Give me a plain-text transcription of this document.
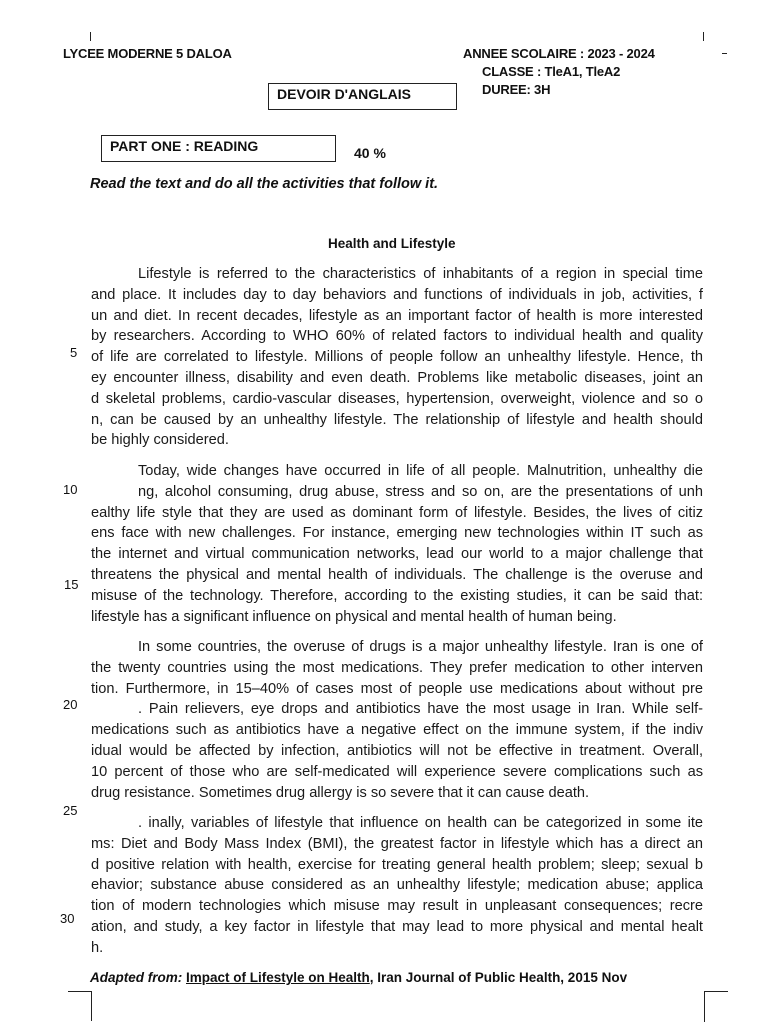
LYCEE MODERNE 5 DALOA	ANNEE SCOLAIRE : 2023 - 2024
CLASSE : TleA1, TleA2
DUREE: 3H
DEVOIR D'ANGLAIS
PART ONE : READING	40 %
Read the text and do all the activities that follow it.
Health and Lifestyle
Lifestyle is referred to the characteristics of inhabitants of a region in special time
and place. It includes day to day behaviors and functions of individuals in job, activities, f
un and diet. In recent decades, lifestyle as an important factor of health is more interested
by researchers. According to WHO 60% of related factors to individual health and quality
of life are correlated to lifestyle. Millions of people follow an unhealthy lifestyle. Hence, th
ey encounter illness, disability and even death. Problems like metabolic diseases, joint an
d skeletal problems, cardio-vascular diseases, hypertension, overweight, violence and so o
n, can be caused by an unhealthy lifestyle. The relationship of lifestyle and health should
be highly considered.
Today, wide changes have occurred in life of all people. Malnutrition, unhealthy die
ng, alcohol consuming, drug abuse, stress and so on, are the presentations of unh
ealthy life style that they are used as dominant form of lifestyle. Besides, the lives of citiz
ens face with new challenges. For instance, emerging new technologies within IT such as
the internet and virtual communication networks, lead our world to a major challenge that
threatens the physical and mental health of individuals. The challenge is the overuse and
misuse of the technology. Therefore, according to the existing studies, it can be said that:
lifestyle has a significant influence on physical and mental health of human being.
In some countries, the overuse of drugs is a major unhealthy lifestyle. Iran is one of
the twenty countries using the most medications. They prefer medication to other interven
tion. Furthermore, in 15–40% of cases most of people use medications about without pre
. Pain relievers, eye drops and antibiotics have the most usage in Iran. While self-
medications such as antibiotics have a negative effect on the immune system, if the indiv
idual would be affected by infection, antibiotics will not be effective in treatment. Overall,
10 percent of those who are self-medicated will experience severe complications such as
drug resistance. Sometimes drug allergy is so severe that it can cause death.
. inally, variables of lifestyle that influence on health can be categorized in some ite
ms: Diet and Body Mass Index (BMI), the greatest factor in lifestyle which has a direct an
d positive relation with health, exercise for treating general health problem; sleep; sexual b
ehavior; substance abuse considered as an unhealthy lifestyle; medication abuse; applica
tion of modern technologies which misuse may result in unpleasant consequences; recre
ation, and study, a key factor in lifestyle that may lead to more physical and mental healt
h.
5
10
15
20
25
30
Adapted from: Impact of Lifestyle on Health, Iran Journal of Public Health, 2015 Nov
